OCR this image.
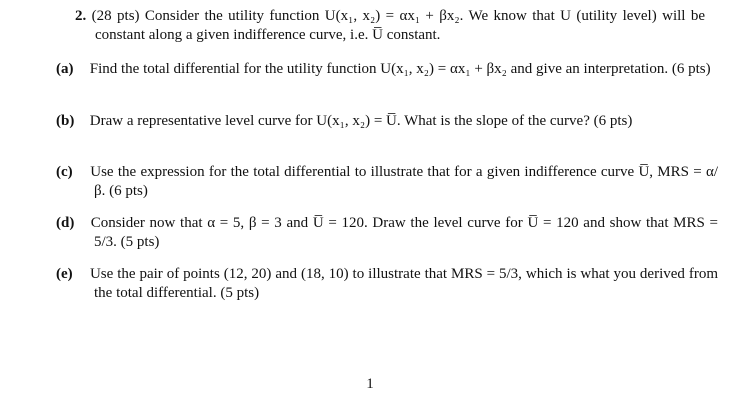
2. (28 pts) Consider the utility function U(x₁, x₂) = αx₁ + βx₂. We know that U (utility level) will be constant along a given indifference curve, i.e. U̅ constant.
(a) Find the total differential for the utility function U(x₁, x₂) = αx₁ + βx₂ and give an interpretation. (6 pts)
(b) Draw a representative level curve for U(x₁, x₂) = U̅. What is the slope of the curve? (6 pts)
(c) Use the expression for the total differential to illustrate that for a given indifference curve U̅, MRS = α/β. (6 pts)
(d) Consider now that α = 5, β = 3 and U̅ = 120. Draw the level curve for U̅ = 120 and show that MRS = 5/3. (5 pts)
(e) Use the pair of points (12, 20) and (18, 10) to illustrate that MRS = 5/3, which is what you derived from the total differential. (5 pts)
1
